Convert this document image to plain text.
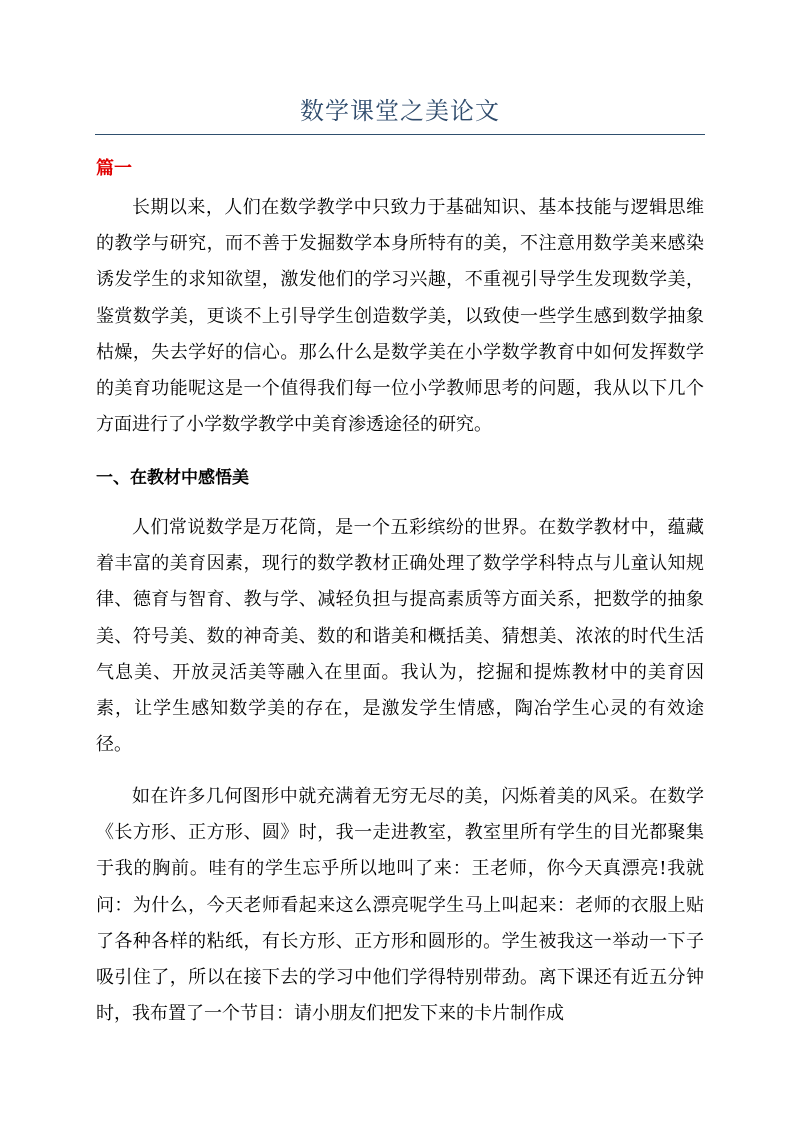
数学课堂之美论文
篇一

长期以来，人们在数学教学中只致力于基础知识、基本技能与逻辑思维的教学与研究，而不善于发掘数学本身所特有的美，不注意用数学美来感染诱发学生的求知欲望，激发他们的学习兴趣，不重视引导学生发现数学美，鉴赏数学美，更谈不上引导学生创造数学美，以致使一些学生感到数学抽象枯燥，失去学好的信心。那么什么是数学美在小学数学教育中如何发挥数学的美育功能呢这是一个值得我们每一位小学教师思考的问题，我从以下几个方面进行了小学数学教学中美育渗透途径的研究。

一、在教材中感悟美

人们常说数学是万花筒，是一个五彩缤纷的世界。在数学教材中，蕴藏着丰富的美育因素，现行的数学教材正确处理了数学学科特点与儿童认知规律、德育与智育、教与学、减轻负担与提高素质等方面关系，把数学的抽象美、符号美、数的神奇美、数的和谐美和概括美、猜想美、浓浓的时代生活气息美、开放灵活美等融入在里面。我认为，挖掘和提炼教材中的美育因素，让学生感知数学美的存在，是激发学生情感，陶冶学生心灵的有效途径。

如在许多几何图形中就充满着无穷无尽的美，闪烁着美的风采。在数学《长方形、正方形、圆》时，我一走进教室，教室里所有学生的目光都聚集于我的胸前。哇有的学生忘乎所以地叫了来：王老师，你今天真漂亮!我就问：为什么，今天老师看起来这么漂亮呢学生马上叫起来：老师的衣服上贴了各种各样的粘纸，有长方形、正方形和圆形的。学生被我这一举动一下子吸引住了，所以在接下去的学习中他们学得特别带劲。离下课还有近五分钟时，我布置了一个节目：请小朋友们把发下来的卡片制作成
